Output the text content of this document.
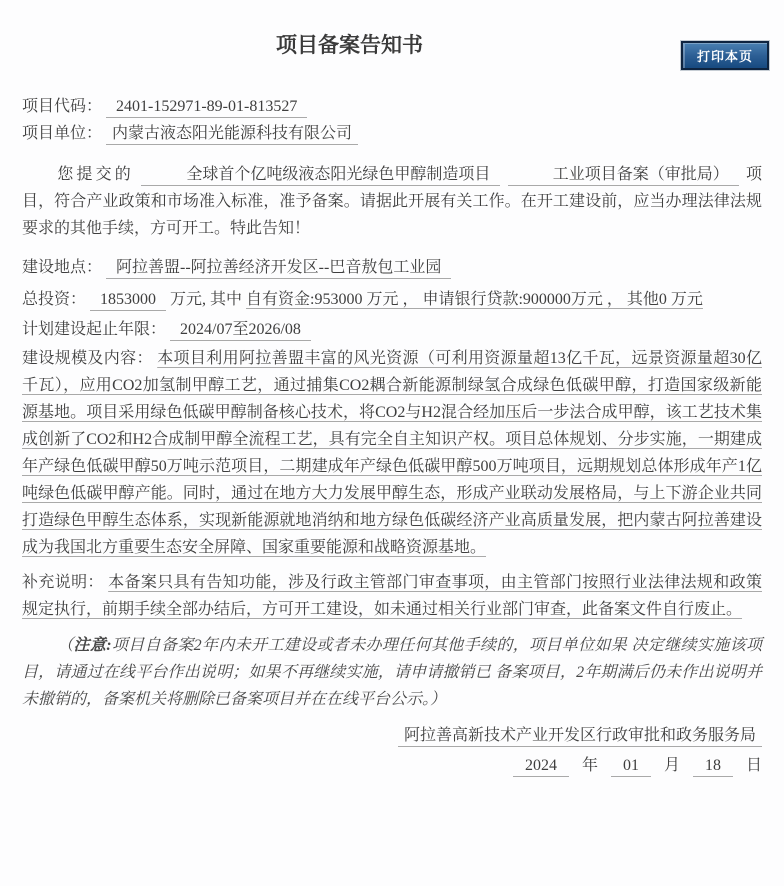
打印本页
项目备案告知书
项目代码： 2401-152971-89-01-813527
项目单位： 内蒙古液态阳光能源科技有限公司

您提交的	全球首个亿吨级液态阳光绿色甲醇制造项目	工业项目备案（审批局） 项目，符合产业政策和市场准入标准，准予备案。请据此开展有关工作。在开工建设前，应当办理法律法规要求的其他手续，方可开工。特此告知！

建设地点： 阿拉善盟--阿拉善经济开发区--巴音敖包工业园

总投资： 1853000 万元, 其中 自有资金:953000 万元 ， 申请银行贷款:900000万元 ， 其他0 万元

计划建设起止年限： 2024/07至2026/08

建设规模及内容： 本项目利用阿拉善盟丰富的风光资源（可利用资源量超13亿千瓦，远景资源量超30亿千瓦），应用CO2加氢制甲醇工艺，通过捕集CO2耦合新能源制绿氢合成绿色低碳甲醇，打造国家级新能源基地。项目采用绿色低碳甲醇制备核心技术，将CO2与H2混合经加压后一步法合成甲醇，该工艺技术集成创新了CO2和H2合成制甲醇全流程工艺，具有完全自主知识产权。项目总体规划、分步实施，一期建成年产绿色低碳甲醇50万吨示范项目，二期建成年产绿色低碳甲醇500万吨项目，远期规划总体形成年产1亿吨绿色低碳甲醇产能。同时，通过在地方大力发展甲醇生态，形成产业联动发展格局，与上下游企业共同打造绿色甲醇生态体系，实现新能源就地消纳和地方绿色低碳经济产业高质量发展，把内蒙古阿拉善建设成为我国北方重要生态安全屏障、国家重要能源和战略资源基地。

补充说明： 本备案只具有告知功能，涉及行政主管部门审查事项，由主管部门按照行业法律法规和政策规定执行，前期手续全部办结后，方可开工建设，如未通过相关行业部门审查，此备案文件自行废止。

（注意:项目自备案2年内未开工建设或者未办理任何其他手续的，项目单位如果 决定继续实施该项目，请通过在线平台作出说明；如果不再继续实施，请申请撤销已 备案项目，2年期满后仍未作出说明并未撤销的，备案机关将删除已备案项目并在在线平台公示。）

阿拉善高新技术产业开发区行政审批和政务服务局
2024 年 01 月 18 日
